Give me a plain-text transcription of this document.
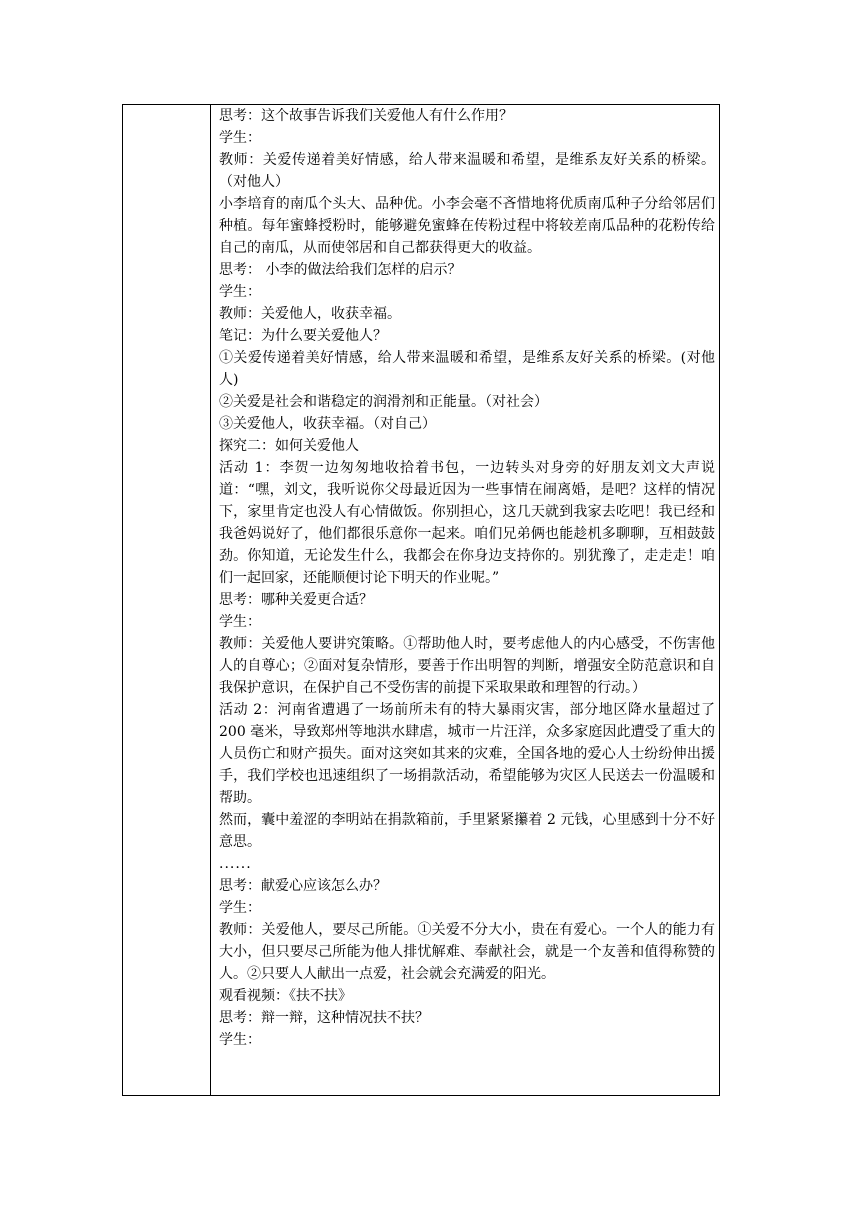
思考：这个故事告诉我们关爱他人有什么作用？

学生：

教师：关爱传递着美好情感，给人带来温暖和希望，是维系友好关系的桥梁。（对他人）

小李培育的南瓜个头大、品种优。小李会毫不吝惜地将优质南瓜种子分给邻居们种植。每年蜜蜂授粉时，能够避免蜜蜂在传粉过程中将较差南瓜品种的花粉传给自己的南瓜，从而使邻居和自己都获得更大的收益。

思考： 小李的做法给我们怎样的启示？

学生：

教师：关爱他人，收获幸福。

笔记：为什么要关爱他人？

①关爱传递着美好情感，给人带来温暖和希望，是维系友好关系的桥梁。(对他人)

②关爱是社会和谐稳定的润滑剂和正能量。（对社会）

③关爱他人，收获幸福。（对自己）

探究二：如何关爱他人

活动 1：李贺一边匆匆地收拾着书包，一边转头对身旁的好朋友刘文大声说道：“嘿，刘文，我听说你父母最近因为一些事情在闹离婚，是吧？这样的情况下，家里肯定也没人有心情做饭。你别担心，这几天就到我家去吃吧！我已经和我爸妈说好了，他们都很乐意你一起来。咱们兄弟俩也能趁机多聊聊，互相鼓鼓劲。你知道，无论发生什么，我都会在你身边支持你的。别犹豫了，走走走！咱们一起回家，还能顺便讨论下明天的作业呢。”

思考：哪种关爱更合适？

学生：

教师：关爱他人要讲究策略。①帮助他人时，要考虑他人的内心感受，不伤害他人的自尊心；②面对复杂情形，要善于作出明智的判断，增强安全防范意识和自我保护意识，在保护自己不受伤害的前提下采取果敢和理智的行动。）

活动 2：河南省遭遇了一场前所未有的特大暴雨灾害，部分地区降水量超过了 200 毫米，导致郑州等地洪水肆虐，城市一片汪洋，众多家庭因此遭受了重大的人员伤亡和财产损失。面对这突如其来的灾难，全国各地的爱心人士纷纷伸出援手，我们学校也迅速组织了一场捐款活动，希望能够为灾区人民送去一份温暖和帮助。

然而，囊中羞涩的李明站在捐款箱前，手里紧紧攥着 2 元钱，心里感到十分不好意思。

......

思考：献爱心应该怎么办？

学生：

教师：关爱他人，要尽己所能。①关爱不分大小，贵在有爱心。一个人的能力有大小，但只要尽己所能为他人排忧解难、奉献社会，就是一个友善和值得称赞的人。②只要人人献出一点爱，社会就会充满爱的阳光。

观看视频：《扶不扶》

思考：辩一辩，这种情况扶不扶？

学生：
